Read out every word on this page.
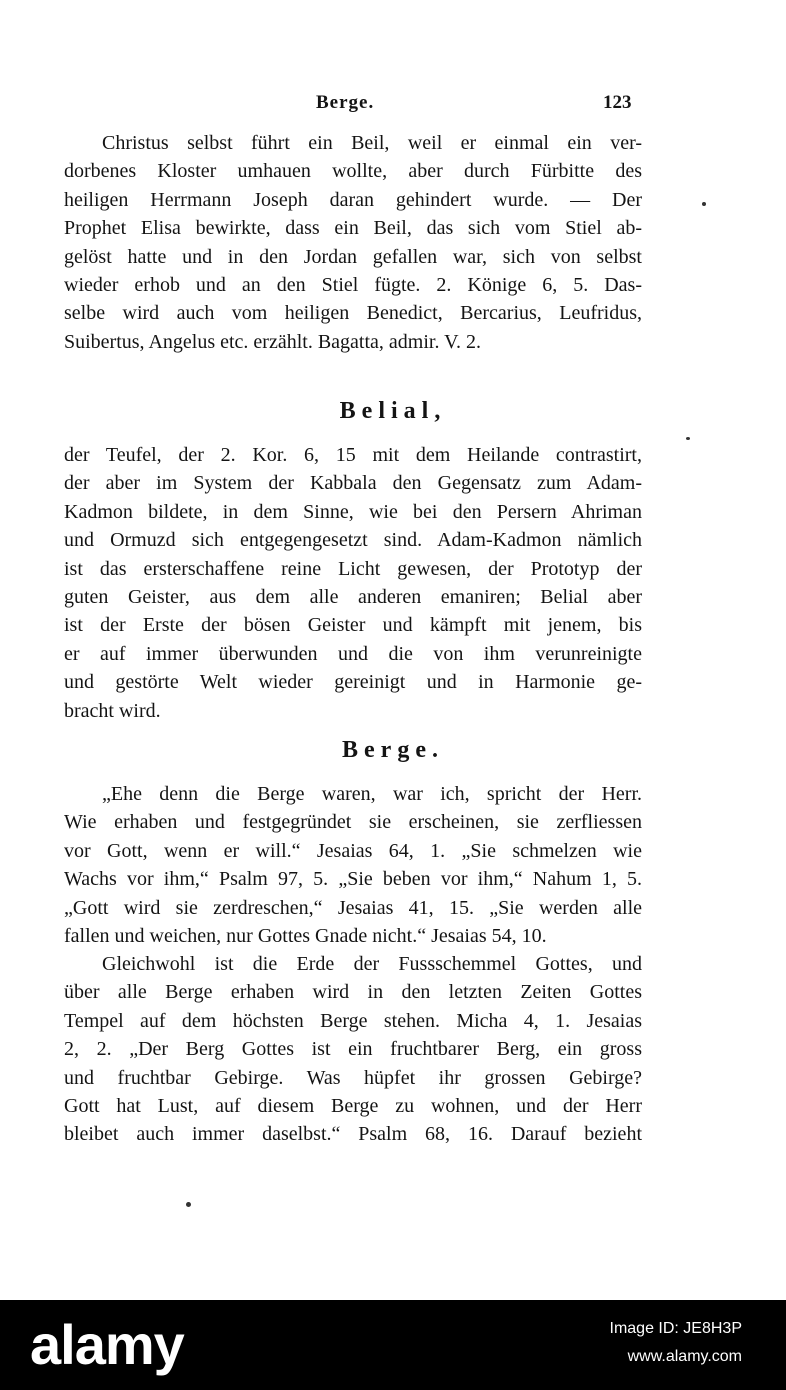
Berge.	123

Christus selbst führt ein Beil, weil er einmal ein ver-
dorbenes Kloster umhauen wollte, aber durch Fürbitte des
heiligen Herrmann Joseph daran gehindert wurde. — Der
Prophet Elisa bewirkte, dass ein Beil, das sich vom Stiel ab-
gelöst hatte und in den Jordan gefallen war, sich von selbst
wieder erhob und an den Stiel fügte. 2. Könige 6, 5. Das-
selbe wird auch vom heiligen Benedict, Bercarius, Leufridus,
Suibertus, Angelus etc. erzählt. Bagatta, admir. V. 2.

Belial,

der Teufel, der 2. Kor. 6, 15 mit dem Heilande contrastirt,
der aber im System der Kabbala den Gegensatz zum Adam-
Kadmon bildete, in dem Sinne, wie bei den Persern Ahriman
und Ormuzd sich entgegengesetzt sind. Adam-Kadmon nämlich
ist das ersterschaffene reine Licht gewesen, der Prototyp der
guten Geister, aus dem alle anderen emaniren; Belial aber
ist der Erste der bösen Geister und kämpft mit jenem, bis
er auf immer überwunden und die von ihm verunreinigte
und gestörte Welt wieder gereinigt und in Harmonie ge-
bracht wird.

Berge.

„Ehe denn die Berge waren, war ich, spricht der Herr.
Wie erhaben und festgegründet sie erscheinen, sie zerfliessen
vor Gott, wenn er will.“ Jesaias 64, 1. „Sie schmelzen wie
Wachs vor ihm,“ Psalm 97, 5. „Sie beben vor ihm,“ Nahum 1, 5.
„Gott wird sie zerdreschen,“ Jesaias 41, 15. „Sie werden alle
fallen und weichen, nur Gottes Gnade nicht.“ Jesaias 54, 10.

Gleichwohl ist die Erde der Fussschemmel Gottes, und
über alle Berge erhaben wird in den letzten Zeiten Gottes
Tempel auf dem höchsten Berge stehen. Micha 4, 1. Jesaias
2, 2. „Der Berg Gottes ist ein fruchtbarer Berg, ein gross
und fruchtbar Gebirge. Was hüpfet ihr grossen Gebirge?
Gott hat Lust, auf diesem Berge zu wohnen, und der Herr
bleibet auch immer daselbst.“ Psalm 68, 16. Darauf bezieht

alamy	Image ID: JE8H3P
www.alamy.com
